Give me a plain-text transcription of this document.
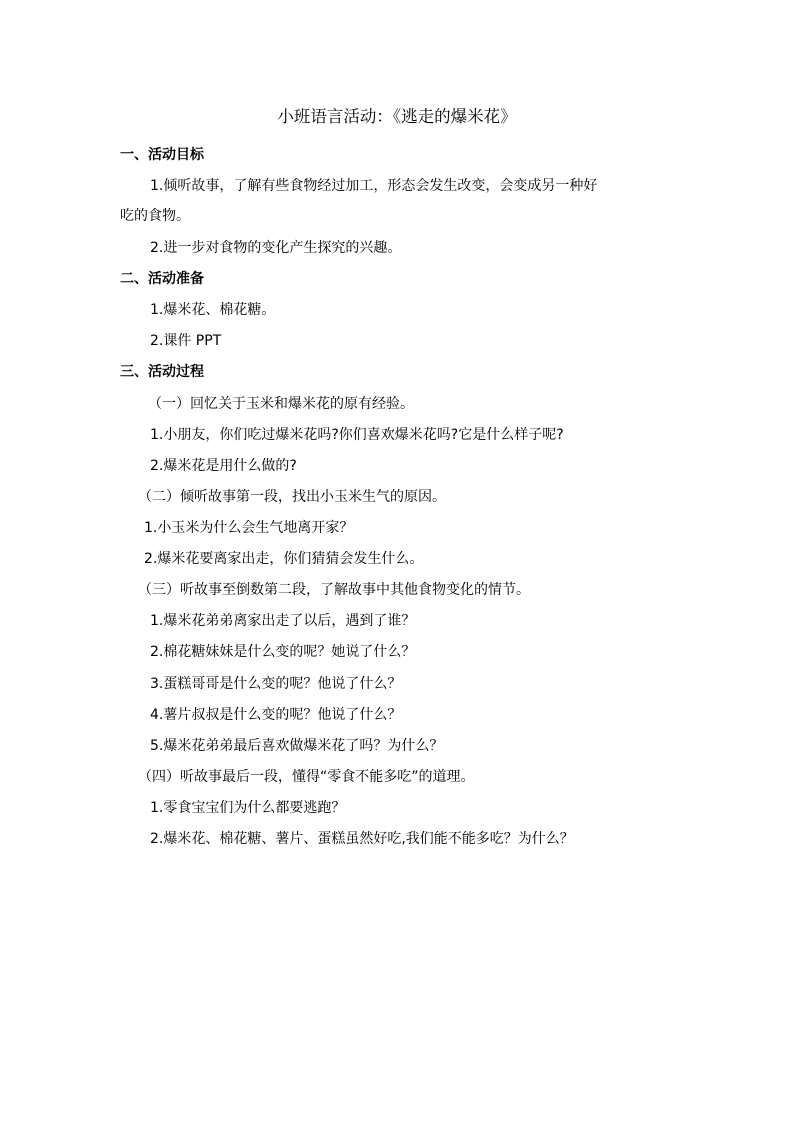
小班语言活动：《逃走的爆米花》
一、活动目标
1.倾听故事，了解有些食物经过加工，形态会发生改变，会变成另一种好
吃的食物。
2.进一步对食物的变化产生探究的兴趣。
二、活动准备
1.爆米花、棉花糖。
2.课件 PPT
三、活动过程
（一）回忆关于玉米和爆米花的原有经验。
1.小朋友，你们吃过爆米花吗?你们喜欢爆米花吗?它是什么样子呢?
2.爆米花是用什么做的?
（二）倾听故事第一段，找出小玉米生气的原因。
1.小玉米为什么会生气地离开家？
2.爆米花要离家出走，你们猜猜会发生什么。
（三）听故事至倒数第二段，了解故事中其他食物变化的情节。
1.爆米花弟弟离家出走了以后，遇到了谁？
2.棉花糖妹妹是什么变的呢？她说了什么？
3.蛋糕哥哥是什么变的呢？他说了什么？
4.薯片叔叔是什么变的呢？他说了什么？
5.爆米花弟弟最后喜欢做爆米花了吗？为什么？
（四）听故事最后一段，懂得“零食不能多吃”的道理。
1.零食宝宝们为什么都要逃跑？
2.爆米花、棉花糖、薯片、蛋糕虽然好吃,我们能不能多吃？为什么？
